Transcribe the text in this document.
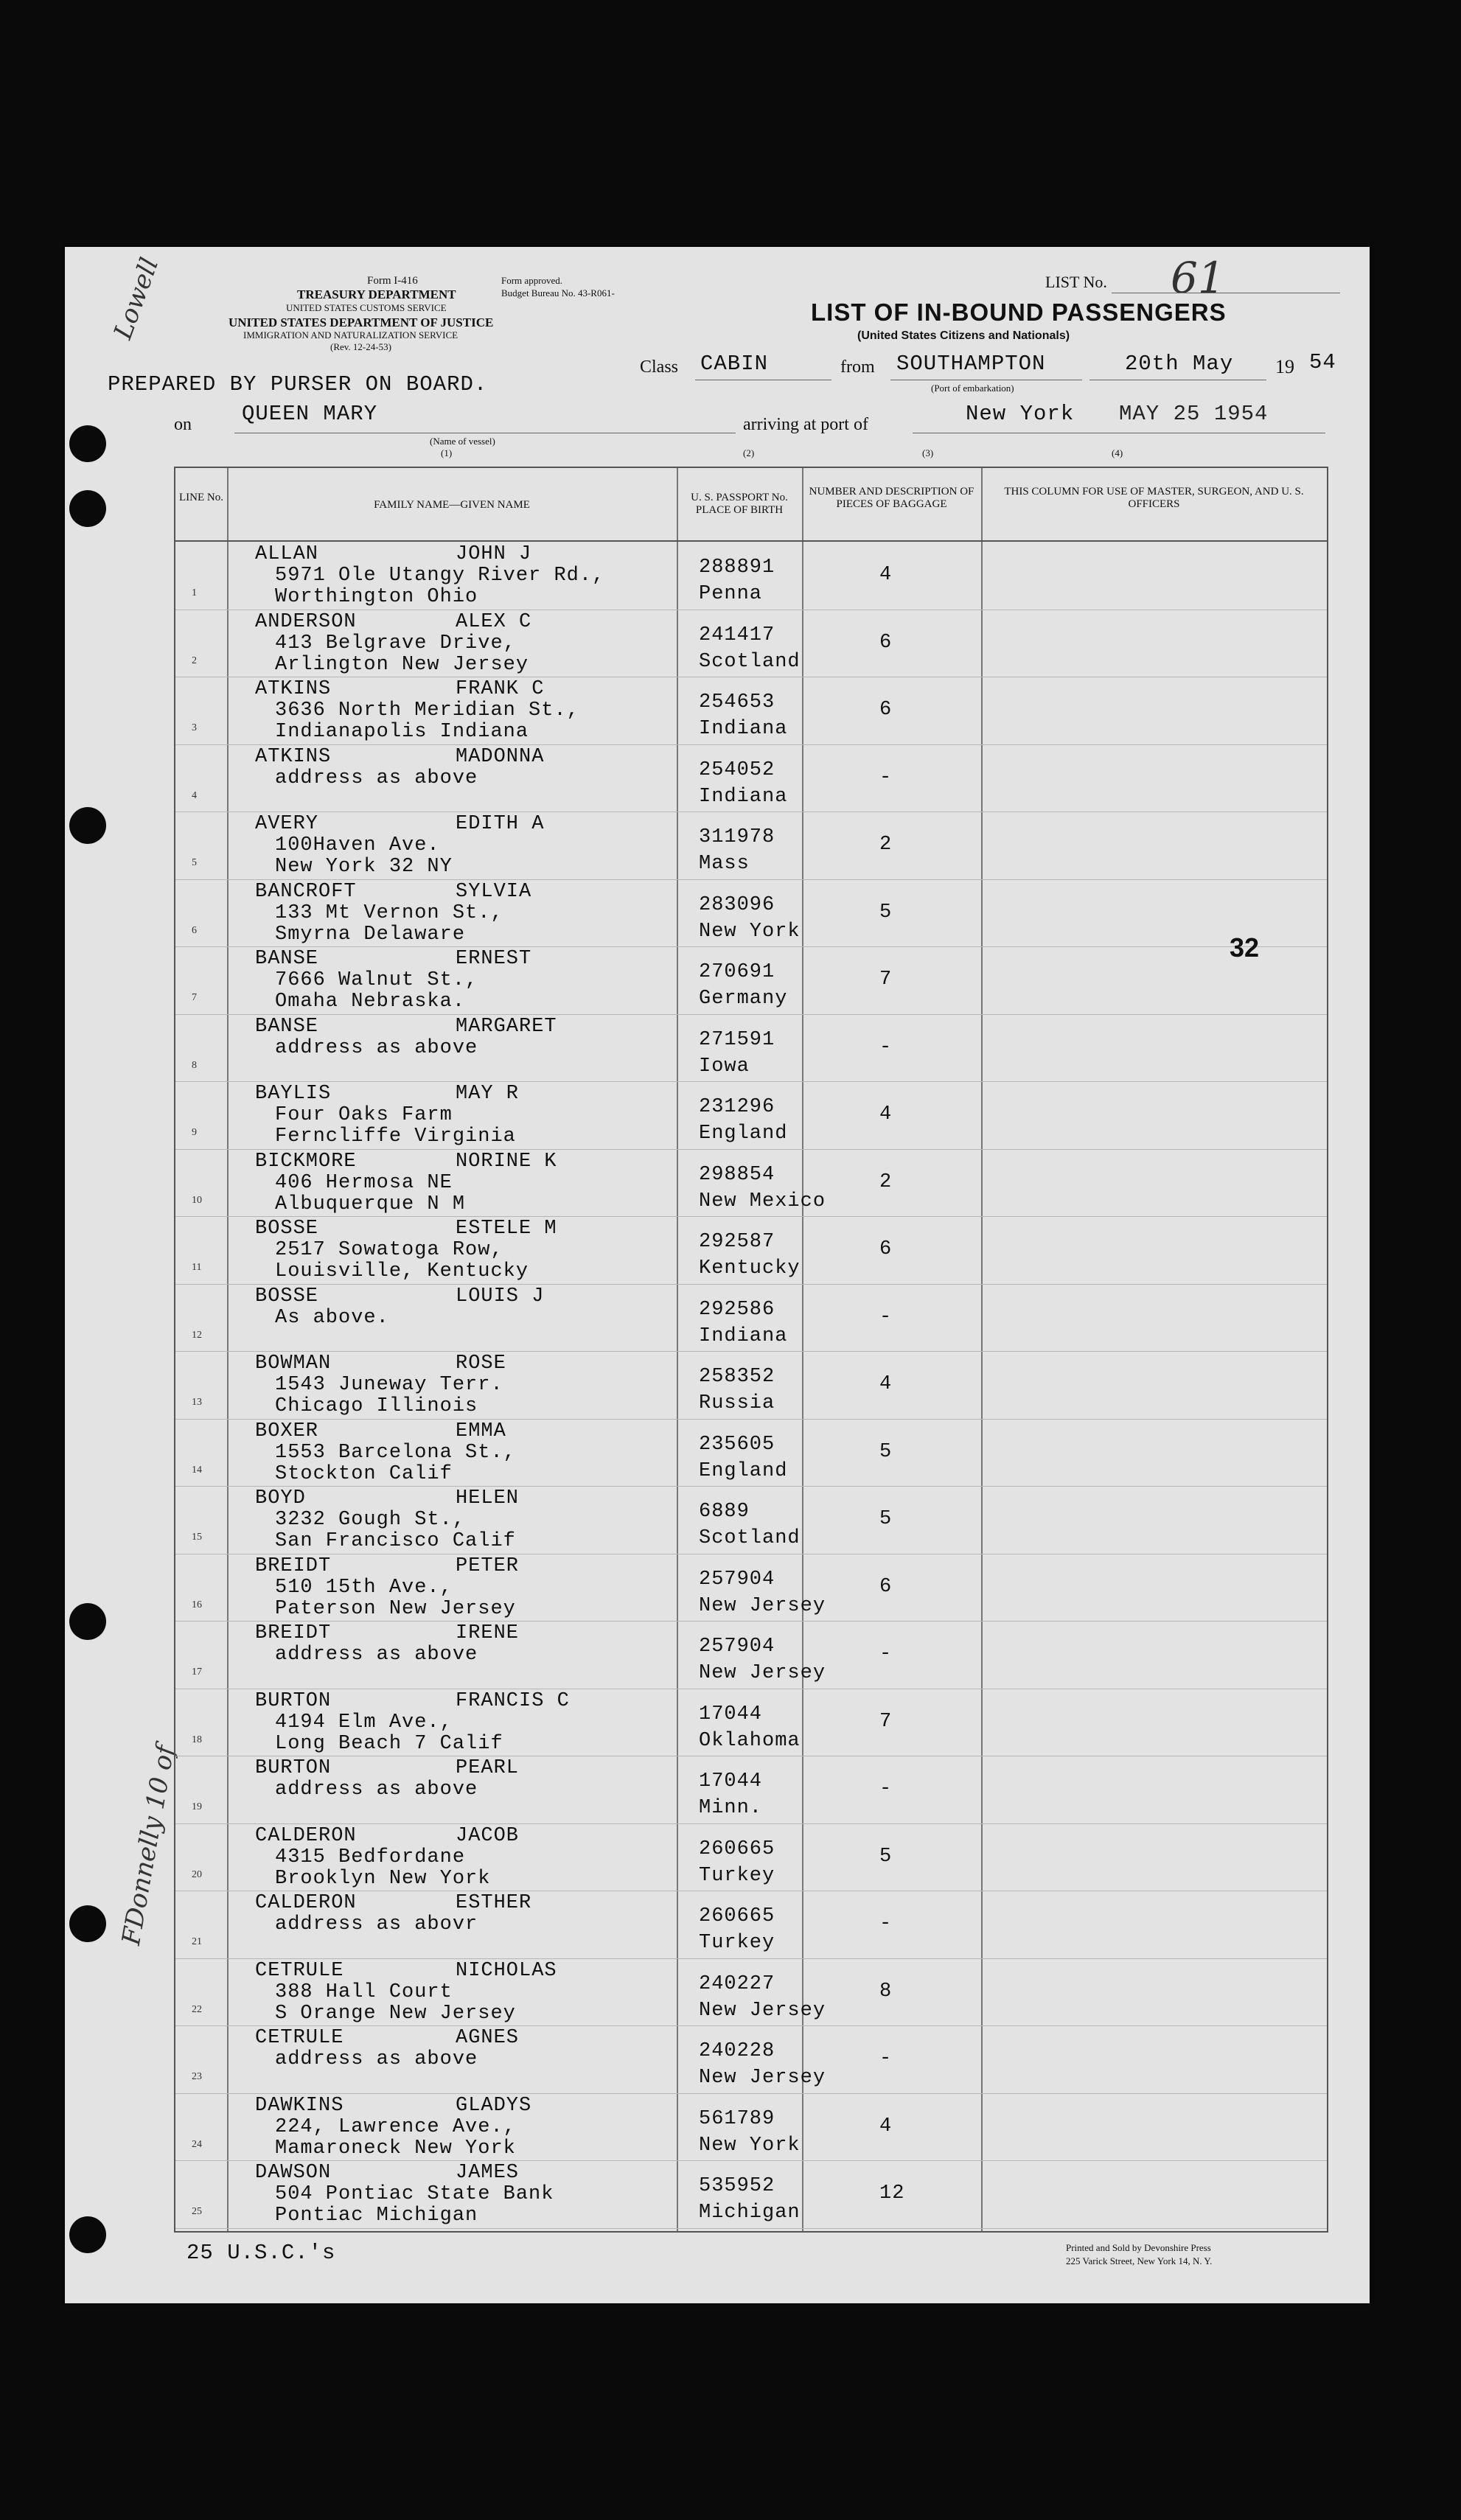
Lowell
FDonnelly 10 of
Form I-416
TREASURY DEPARTMENT
UNITED STATES CUSTOMS SERVICE
UNITED STATES DEPARTMENT OF JUSTICE
IMMIGRATION AND NATURALIZATION SERVICE
(Rev. 12-24-53)
Form approved.
Budget Bureau No. 43-R061-
LIST No. 61
LIST OF IN-BOUND PASSENGERS
(United States Citizens and Nationals)
Class CABIN	from SOUTHAMPTON
(Port of embarkation)
20th May 19 54
PREPARED BY PURSER ON BOARD.
on QUEEN MARY
(Name of vessel)
(1)
arriving at port of
(2)
New York
(3)
MAY 25 1954
(4)
LINE No.
FAMILY NAME—GIVEN NAME
U. S. PASSPORT No. PLACE OF BIRTH
NUMBER AND DESCRIPTION OF PIECES OF BAGGAGE
THIS COLUMN FOR USE OF MASTER, SURGEON, AND U. S. OFFICERS
1
ALLAN	JOHN J
5971 Ole Utangy River Rd.,
Worthington Ohio
288891
Penna
4
2
ANDERSON	ALEX C
413 Belgrave Drive,
Arlington New Jersey
241417
Scotland
6
3
ATKINS	FRANK C
3636 North Meridian St.,
Indianapolis Indiana
254653
Indiana
6
4
ATKINS	MADONNA
address as above	254052
Indiana
-
5
AVERY	EDITH A
100Haven Ave.
New York 32 NY
311978
Mass
2
6
BANCROFT	SYLVIA
133 Mt Vernon St.,
Smyrna Delaware
283096
New York
5
7
BANSE	ERNEST
7666 Walnut St.,
Omaha Nebraska.
270691
Germany
7
8
BANSE	MARGARET
address as above	271591
Iowa
-
9
BAYLIS	MAY R
Four Oaks Farm
Ferncliffe Virginia
231296
England
4
10
BICKMORE	NORINE K
406 Hermosa NE
Albuquerque N M
298854
New Mexico
2
11
BOSSE	ESTELE M
2517 Sowatoga Row,
Louisville, Kentucky
292587
Kentucky
6
12
BOSSE	LOUIS J
As above.	292586
Indiana
-
13
BOWMAN	ROSE
1543 Juneway Terr.
Chicago Illinois
258352
Russia
4
14
BOXER	EMMA
1553 Barcelona St.,
Stockton Calif
235605
England
5
15
BOYD	HELEN
3232 Gough St.,
San Francisco Calif
6889
Scotland
5
16
BREIDT	PETER
510 15th Ave.,
Paterson New Jersey
257904
New Jersey
6
17
BREIDT	IRENE
address as above	257904
New Jersey
-
18
BURTON	FRANCIS C
4194 Elm Ave.,
Long Beach 7 Calif
17044
Oklahoma
7
19
BURTON	PEARL
address as above	17044
Minn.
-
20
CALDERON	JACOB
4315 Bedfordane
Brooklyn New York
260665
Turkey
5
21
CALDERON	ESTHER
address as abovr	260665
Turkey
-
22
CETRULE	NICHOLAS
388 Hall Court
S Orange New Jersey
240227
New Jersey
8
23
CETRULE	AGNES
address as above	240228
New Jersey
-
24
DAWKINS	GLADYS
224, Lawrence Ave.,
Mamaroneck New York
561789
New York
4
25
DAWSON	JAMES
504 Pontiac State Bank
Pontiac Michigan
535952
Michigan
12
32
25 U.S.C.'s	Printed and Sold by Devonshire Press
225 Varick Street, New York 14, N. Y.
